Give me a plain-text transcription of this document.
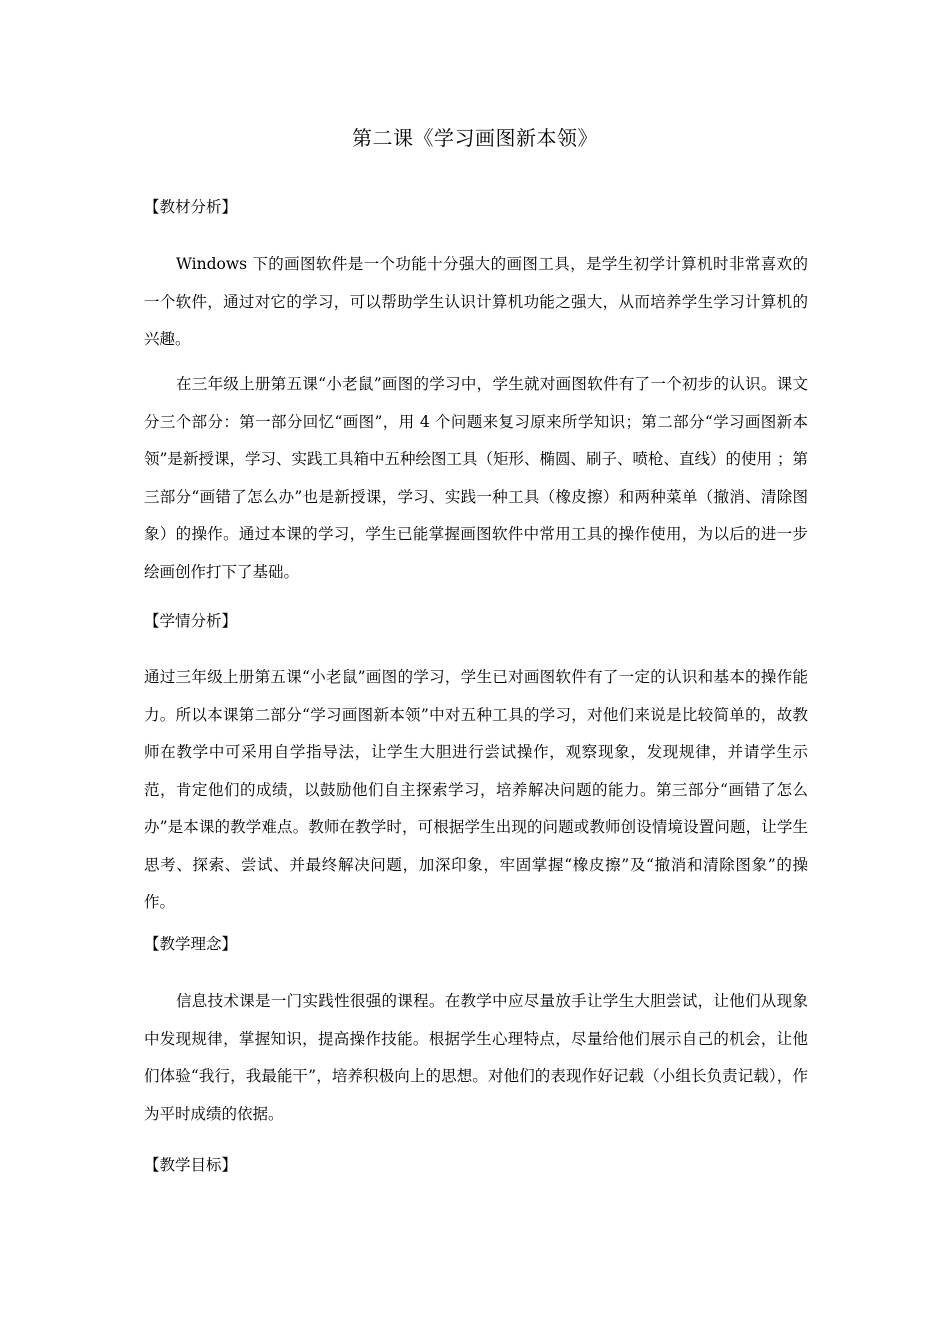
第二课《学习画图新本领》
【教材分析】

Windows 下的画图软件是一个功能十分强大的画图工具，是学生初学计算机时非常喜欢的一个软件，通过对它的学习，可以帮助学生认识计算机功能之强大，从而培养学生学习计算机的兴趣。

在三年级上册第五课“小老鼠”画图的学习中，学生就对画图软件有了一个初步的认识。课文分三个部分：第一部分回忆“画图”，用 4 个问题来复习原来所学知识；第二部分“学习画图新本领”是新授课，学习、实践工具箱中五种绘图工具（矩形、椭圆、刷子、喷枪、直线）的使用 ；第三部分“画错了怎么办”也是新授课，学习、实践一种工具（橡皮擦）和两种菜单（撤消、清除图象）的操作。通过本课的学习，学生已能掌握画图软件中常用工具的操作使用，为以后的进一步绘画创作打下了基础。

【学情分析】

通过三年级上册第五课“小老鼠”画图的学习，学生已对画图软件有了一定的认识和基本的操作能力。所以本课第二部分“学习画图新本领”中对五种工具的学习，对他们来说是比较简单的，故教师在教学中可采用自学指导法，让学生大胆进行尝试操作，观察现象，发现规律，并请学生示范，肯定他们的成绩，以鼓励他们自主探索学习，培养解决问题的能力。第三部分“画错了怎么办”是本课的教学难点。教师在教学时，可根据学生出现的问题或教师创设情境设置问题，让学生思考、探索、尝试、并最终解决问题，加深印象，牢固掌握“橡皮擦”及“撤消和清除图象”的操作。

【教学理念】

信息技术课是一门实践性很强的课程。在教学中应尽量放手让学生大胆尝试，让他们从现象中发现规律，掌握知识，提高操作技能。根据学生心理特点，尽量给他们展示自己的机会，让他们体验“我行，我最能干”，培养积极向上的思想。对他们的表现作好记载（小组长负责记载），作为平时成绩的依据。

【教学目标】
